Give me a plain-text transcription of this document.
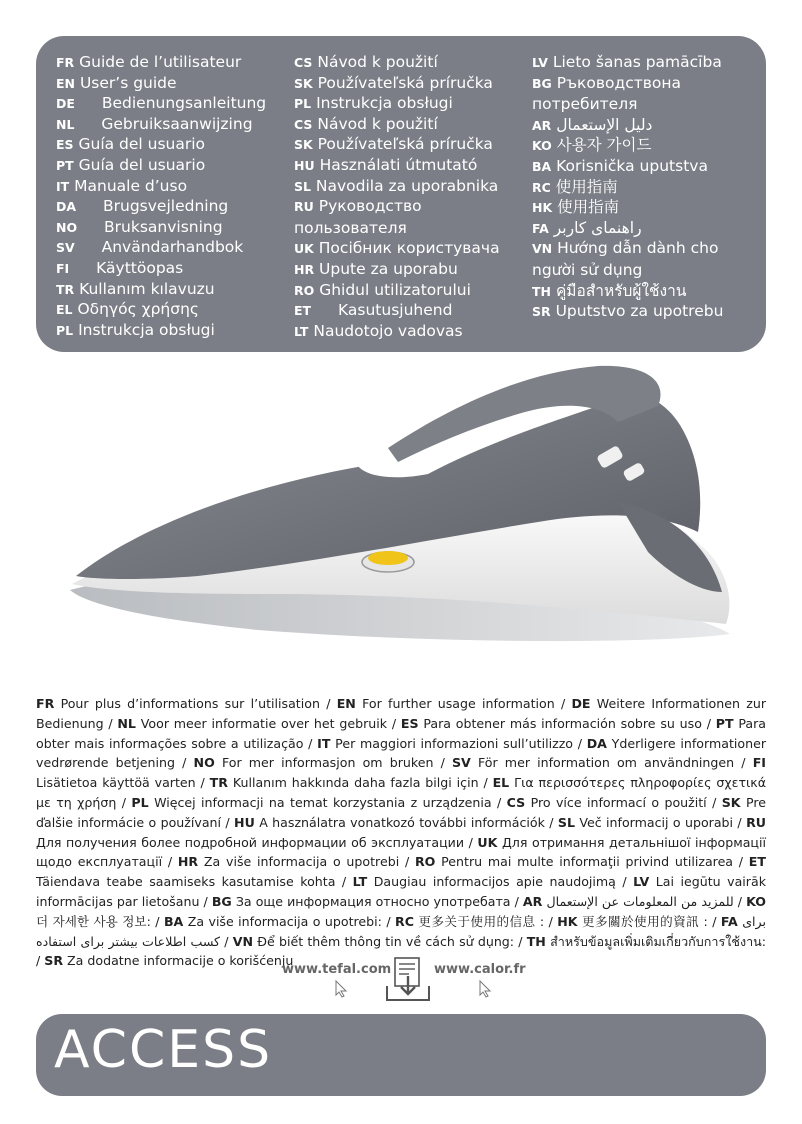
FR Guide de l’utilisateur
EN User’s guide
DE Bedienungsanleitung
NL Gebruiksaanwijzing
ES Guía del usuario
PT Guía del usuario
IT Manuale d’uso
DA Brugsvejledning
NO Bruksanvisning
SV Användarhandbok
FI Käyttöopas
TR Kullanım kılavuzu
EL Οδηγός χρήσης
PL Instrukcja obsługi
CS Návod k použití
SK Používateľská príručka
PL Instrukcja obsługi
CS Návod k použití
SK Používateľská príručka
HU Használati útmutató
SL Navodila za uporabnika
RU Руководство пользователя
UK Посібник користувача
HR Upute za uporabu
RO Ghidul utilizatorului
ET Kasutusjuhend
LT Naudotojo vadovas
LV Lieto šanas pamācība
BG Ръководствона потребителя
AR دليل الإستعمال
KO 사용자 가이드
BA Korisnička uputstva
RC 使用指南
HK 使用指南
FA راهنمای کاربر
VN Hướng dẫn dành cho người sử dụng
TH คู่มือสำหรับผู้ใช้งาน
SR Uputstvo za upotrebu
FR Pour plus d’informations sur l’utilisation / EN For further usage information / DE Weitere Informationen zur Bedienung / NL Voor meer informatie over het gebruik / ES Para obtener más información sobre su uso / PT Para obter mais informações sobre a utilização / IT Per maggiori informazioni sull’utilizzo / DA Yderligere informationer vedrørende betjening / NO For mer informasjon om bruken / SV För mer information om användningen / FI Lisätietoa käyttöä varten / TR Kullanım hakkında daha fazla bilgi için / EL Για περισσότερες πληροφορίες σχετικά με τη χρήση / PL Więcej informacji na temat korzystania z urządzenia / CS Pro více informací o použití / SK Pre ďalšie informácie o používaní / HU A használatra vonatkozó további információk / SL Več informacij o uporabi / RU Для получения более подробной информации об эксплуатации / UK Для отримання детальнішої інформації щодо експлуатації / HR Za više informacija o upotrebi / RO Pentru mai multe informaţii privind utilizarea / ET Täiendava teabe saamiseks kasutamise kohta / LT Daugiau informacijos apie naudojimą / LV Lai iegūtu vairāk informācijas par lietošanu / BG За още информация относно употребата / AR للمزيد من المعلومات عن الإستعمال / KO 더 자세한 사용 정보: / BA Za više informacija o upotrebi: / RC 更多关于使用的信息 : / HK 更多關於使用的資訊 : / FA برای کسب اطلاعات بیشتر برای استفاده / VN Để biết thêm thông tin về cách sử dụng: / TH สำหรับข้อมูลเพิ่มเติมเกี่ยวกับการใช้งาน: / SR Za dodatne informacije o korišćenju
www.tefal.com	www.calor.fr
ACCESS
